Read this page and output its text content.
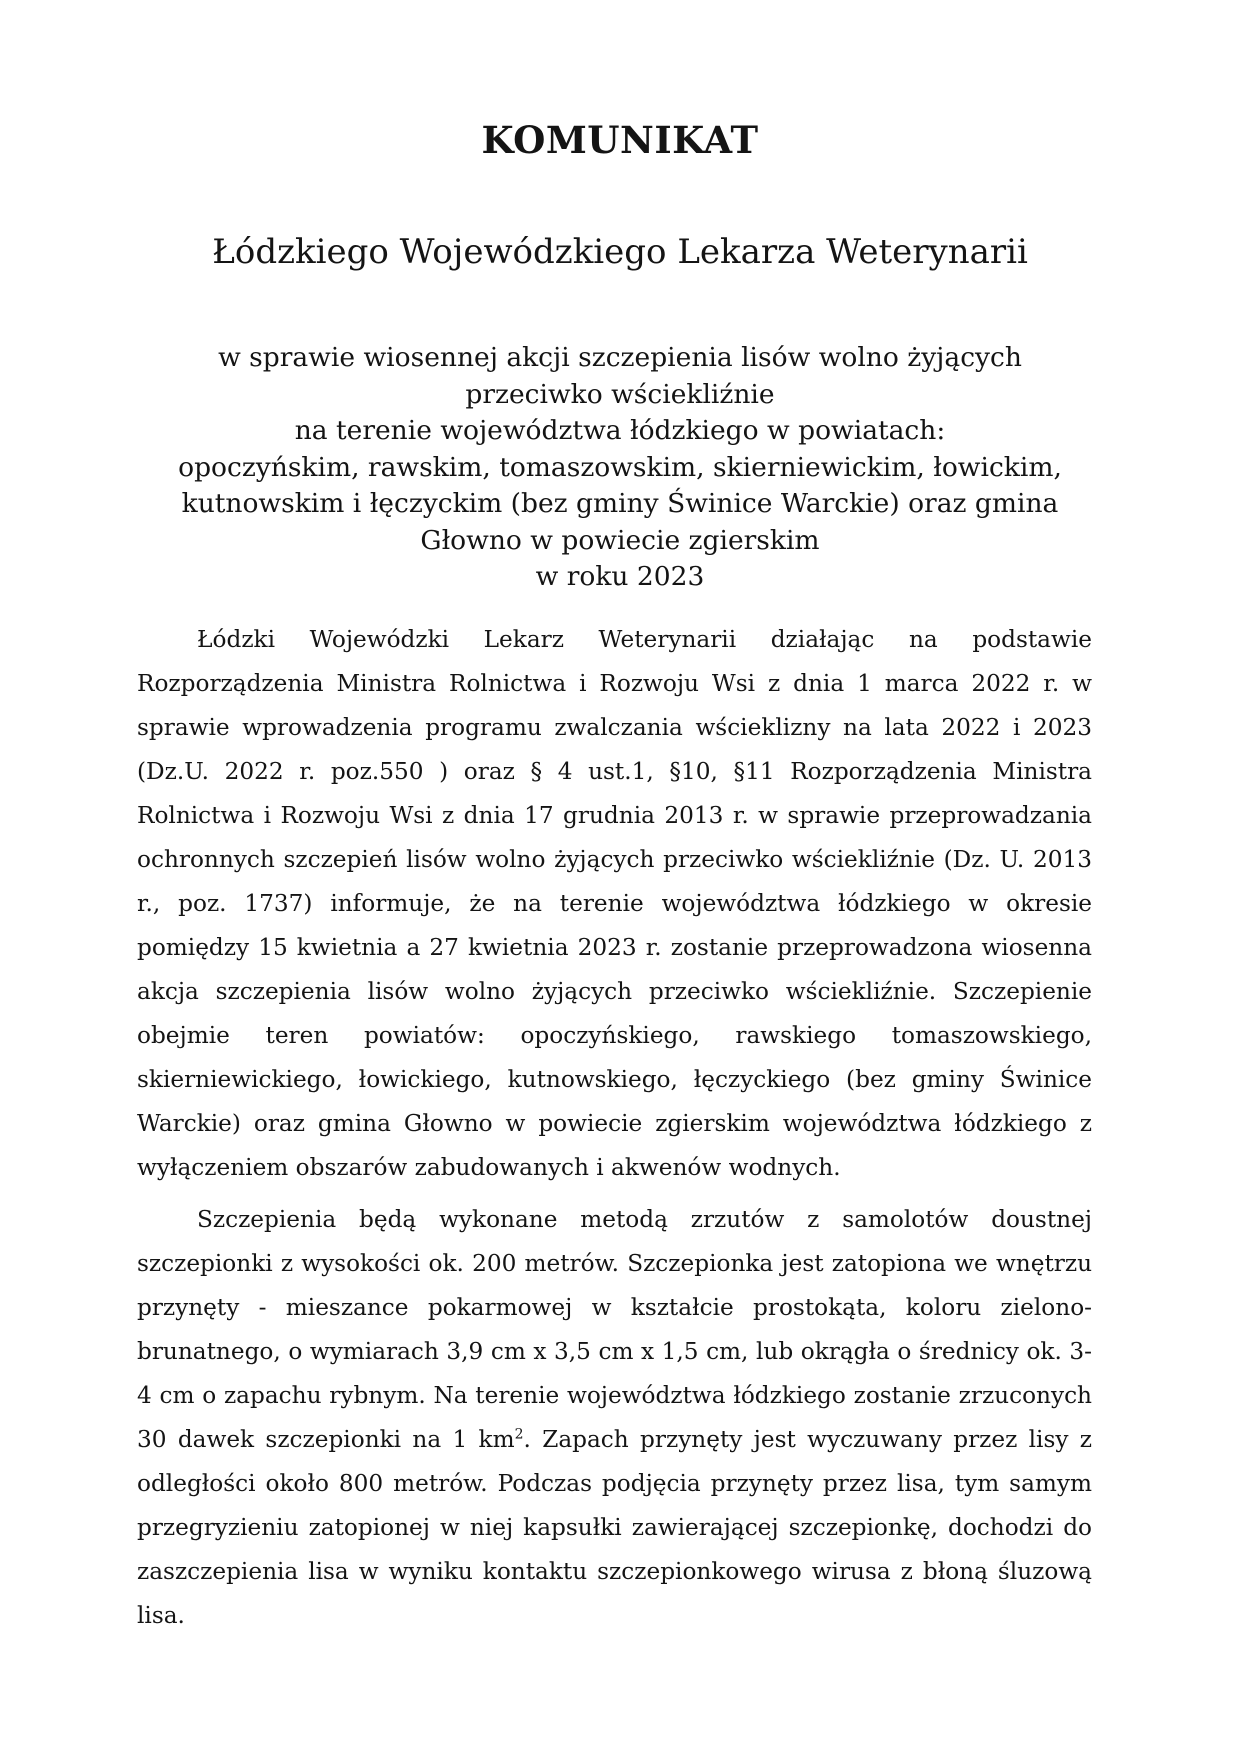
KOMUNIKAT
Łódzkiego Wojewódzkiego Lekarza Weterynarii
w sprawie wiosennej akcji szczepienia lisów wolno żyjących
przeciwko wściekliźnie
na terenie województwa łódzkiego w powiatach:
opoczyńskim, rawskim, tomaszowskim, skierniewickim, łowickim,
kutnowskim i łęczyckim (bez gminy Świnice Warckie) oraz gmina
Głowno w powiecie zgierskim
w roku 2023

Łódzki Wojewódzki Lekarz Weterynarii działając na podstawie Rozporządzenia Ministra Rolnictwa i Rozwoju Wsi z dnia 1 marca 2022 r. w sprawie wprowadzenia programu zwalczania wścieklizny na lata 2022 i 2023 (Dz.U. 2022 r. poz.550 ) oraz § 4 ust.1, §10, §11 Rozporządzenia Ministra Rolnictwa i Rozwoju Wsi z dnia 17 grudnia 2013 r. w sprawie przeprowadzania ochronnych szczepień lisów wolno żyjących przeciwko wściekliźnie (Dz. U. 2013 r., poz. 1737) informuje, że na terenie województwa łódzkiego w okresie pomiędzy 15 kwietnia a 27 kwietnia 2023 r. zostanie przeprowadzona wiosenna akcja szczepienia lisów wolno żyjących przeciwko wściekliźnie. Szczepienie obejmie teren powiatów: opoczyńskiego, rawskiego tomaszowskiego, skierniewickiego, łowickiego, kutnowskiego, łęczyckiego (bez gminy Świnice Warckie) oraz gmina Głowno w powiecie zgierskim województwa łódzkiego z wyłączeniem obszarów zabudowanych i akwenów wodnych.

Szczepienia będą wykonane metodą zrzutów z samolotów doustnej szczepionki z wysokości ok. 200 metrów. Szczepionka jest zatopiona we wnętrzu przynęty - mieszance pokarmowej w kształcie prostokąta, koloru zielono-brunatnego, o wymiarach 3,9 cm x 3,5 cm x 1,5 cm, lub okrągła o średnicy ok. 3-4 cm o zapachu rybnym. Na terenie województwa łódzkiego zostanie zrzuconych 30 dawek szczepionki na 1 $km^2$. Zapach przynęty jest wyczuwany przez lisy z odległości około 800 metrów. Podczas podjęcia przynęty przez lisa, tym samym przegryzieniu zatopionej w niej kapsułki zawierającej szczepionkę, dochodzi do zaszczepienia lisa w wyniku kontaktu szczepionkowego wirusa z błoną śluzową lisa.
